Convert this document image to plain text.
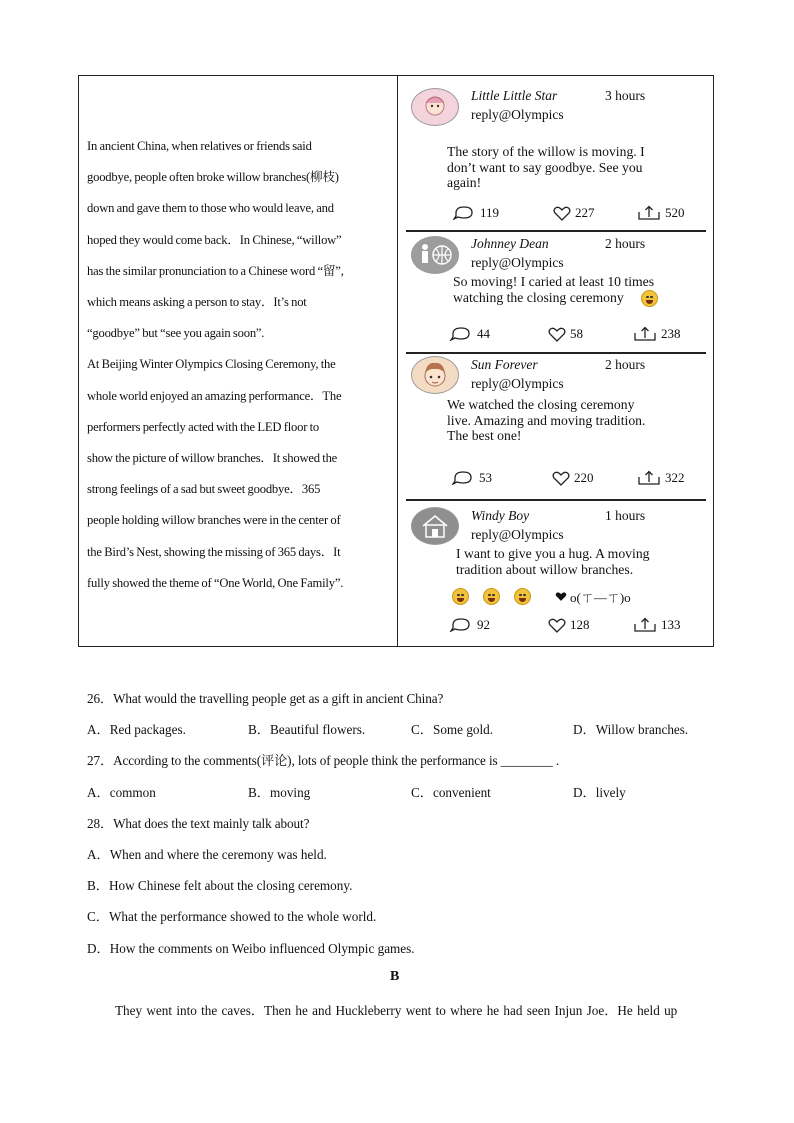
In ancient China, when relatives or friends said

goodbye, people often broke willow branches(柳枝)

down and gave them to those who would leave, and

hoped they would come back．In Chinese, “willow”

has the similar pronunciation to a Chinese word “留”,

which means asking a person to stay．It’s not

“goodbye” but “see you again soon”.

At Beijing Winter Olympics Closing Ceremony, the

whole world enjoyed an amazing performance．The

performers perfectly acted with the LED floor to

show the picture of willow branches．It showed the

strong feelings of a sad but sweet goodbye．365

people holding willow branches were in the center of

the Bird’s Nest, showing the missing of 365 days．It

fully showed the theme of “One World, One Family”.

Little Little Star	3 hours
reply@Olympics
The story of the willow is moving. I
don’t want to say goodbye. See you
again!
119	227	520
Johnney Dean	2 hours
reply@Olympics
So moving! I caried at least 10 times
watching the closing ceremony
44	58	238
Sun Forever	2 hours
reply@Olympics
We watched the closing ceremony
live. Amazing and moving tradition.
The best one!
53	220	322
Windy Boy	1 hours
reply@Olympics
I want to give you a hug. A moving
tradition about willow branches.
o(ㄒ—ㄒ)o
92	128	133
26．What would the travelling people get as a gift in ancient China?
A．Red packages.	B．Beautiful flowers.	C．Some gold.	D．Willow branches.
27．According to the comments(评论), lots of people think the performance is ________ .
A．common	B．moving	C．convenient	D．lively
28．What does the text mainly talk about?
A．When and where the ceremony was held.
B．How Chinese felt about the closing ceremony.
C．What the performance showed to the whole world.
D．How the comments on Weibo influenced Olympic games.
B
They went into the caves．Then he and Huckleberry went to where he had seen Injun Joe．He held up
